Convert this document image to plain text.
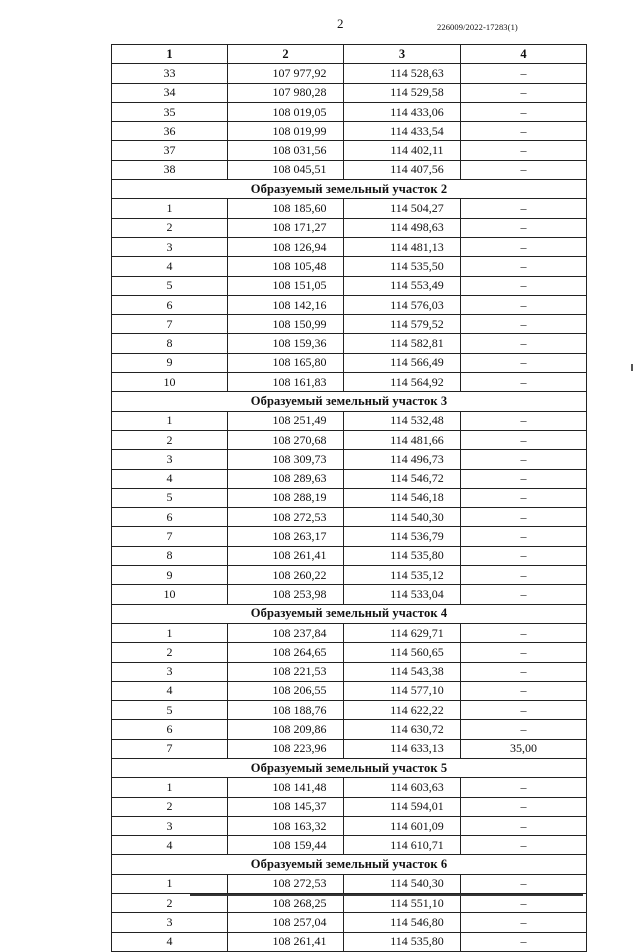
2	226009/2022-17283(1)
1	2	3	4
33	107 977,92	114 528,63	–
34	107 980,28	114 529,58	–
35	108 019,05	114 433,06	–
36	108 019,99	114 433,54	–
37	108 031,56	114 402,11	–
38	108 045,51	114 407,56	–
Образуемый земельный участок 2			
1	108 185,60	114 504,27	–
2	108 171,27	114 498,63	–
3	108 126,94	114 481,13	–
4	108 105,48	114 535,50	–
5	108 151,05	114 553,49	–
6	108 142,16	114 576,03	–
7	108 150,99	114 579,52	–
8	108 159,36	114 582,81	–
9	108 165,80	114 566,49	–
10	108 161,83	114 564,92	–
Образуемый земельный участок 3			
1	108 251,49	114 532,48	–
2	108 270,68	114 481,66	–
3	108 309,73	114 496,73	–
4	108 289,63	114 546,72	–
5	108 288,19	114 546,18	–
6	108 272,53	114 540,30	–
7	108 263,17	114 536,79	–
8	108 261,41	114 535,80	–
9	108 260,22	114 535,12	–
10	108 253,98	114 533,04	–
Образуемый земельный участок 4			
1	108 237,84	114 629,71	–
2	108 264,65	114 560,65	–
3	108 221,53	114 543,38	–
4	108 206,55	114 577,10	–
5	108 188,76	114 622,22	–
6	108 209,86	114 630,72	–
7	108 223,96	114 633,13	35,00
Образуемый земельный участок 5			
1	108 141,48	114 603,63	–
2	108 145,37	114 594,01	–
3	108 163,32	114 601,09	–
4	108 159,44	114 610,71	–
Образуемый земельный участок 6			
1	108 272,53	114 540,30	–
2	108 268,25	114 551,10	–
3	108 257,04	114 546,80	–
4	108 261,41	114 535,80	–
